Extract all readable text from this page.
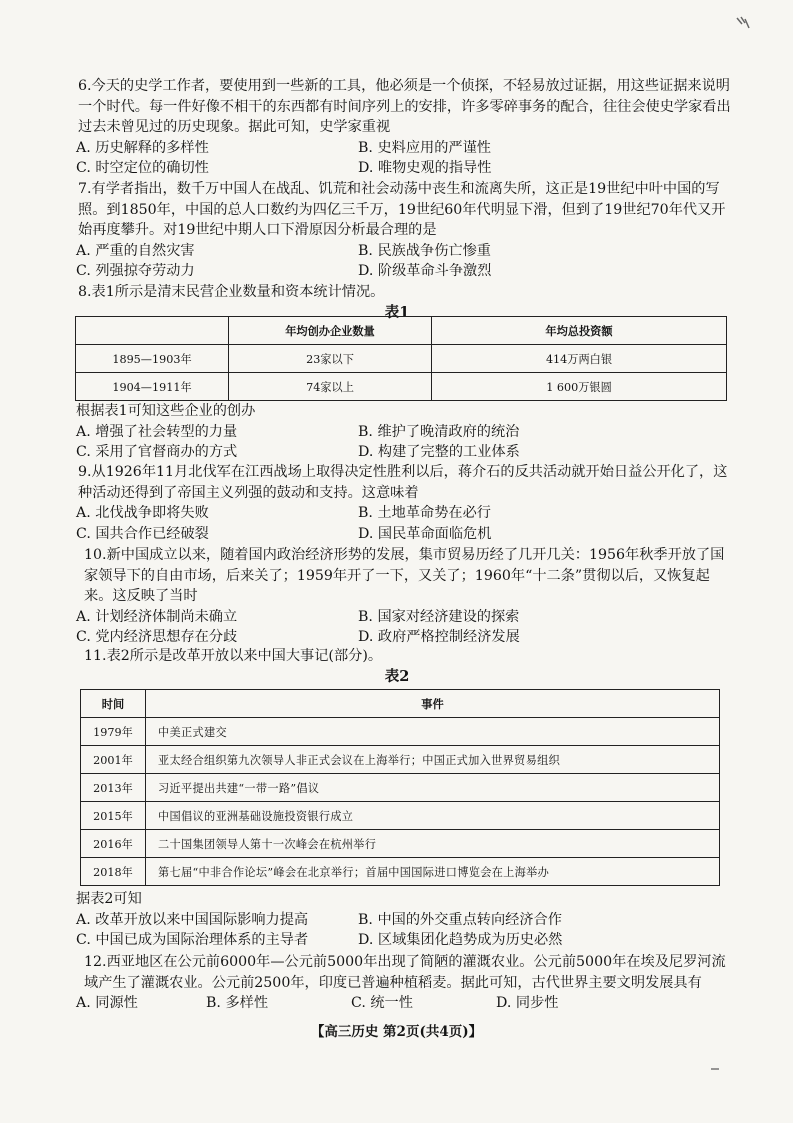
6.今天的史学工作者，要使用到一些新的工具，他必须是一个侦探，不轻易放过证据，用这些证据来说明一个时代。每一件好像不相干的东西都有时间序列上的安排，许多零碎事务的配合，往往会使史学家看出过去未曾见过的历史现象。据此可知，史学家重视
A. 历史解释的多样性	B. 史料应用的严谨性
C. 时空定位的确切性	D. 唯物史观的指导性
7.有学者指出，数千万中国人在战乱、饥荒和社会动荡中丧生和流离失所，这正是19世纪中叶中国的写照。到1850年，中国的总人口数约为四亿三千万，19世纪60年代明显下滑，但到了19世纪70年代又开始再度攀升。对19世纪中期人口下滑原因分析最合理的是
A. 严重的自然灾害	B. 民族战争伤亡惨重
C. 列强掠夺劳动力	D. 阶级革命斗争激烈
8.表1所示是清末民营企业数量和资本统计情况。
表1
	年均创办企业数量	年均总投资额
1895—1903年	23家以下	414万两白银
1904—1911年	74家以上	1 600万银圆
根据表1可知这些企业的创办
A. 增强了社会转型的力量	B. 维护了晚清政府的统治
C. 采用了官督商办的方式	D. 构建了完整的工业体系
9.从1926年11月北伐军在江西战场上取得决定性胜利以后，蒋介石的反共活动就开始日益公开化了，这种活动还得到了帝国主义列强的鼓动和支持。这意味着
A. 北伐战争即将失败	B. 土地革命势在必行
C. 国共合作已经破裂	D. 国民革命面临危机
10.新中国成立以来，随着国内政治经济形势的发展，集市贸易历经了几开几关：1956年秋季开放了国家领导下的自由市场，后来关了；1959年开了一下，又关了；1960年“十二条”贯彻以后，又恢复起来。这反映了当时
A. 计划经济体制尚未确立	B. 国家对经济建设的探索
C. 党内经济思想存在分歧	D. 政府严格控制经济发展
11.表2所示是改革开放以来中国大事记(部分)。
表2
时间	事件
1979年	中美正式建交
2001年	亚太经合组织第九次领导人非正式会议在上海举行；中国正式加入世界贸易组织
2013年	习近平提出共建“一带一路”倡议
2015年	中国倡议的亚洲基础设施投资银行成立
2016年	二十国集团领导人第十一次峰会在杭州举行
2018年	第七届“中非合作论坛”峰会在北京举行；首届中国国际进口博览会在上海举办
据表2可知
A. 改革开放以来中国国际影响力提高	B. 中国的外交重点转向经济合作
C. 中国已成为国际治理体系的主导者	D. 区域集团化趋势成为历史必然
12.西亚地区在公元前6000年—公元前5000年出现了简陋的灌溉农业。公元前5000年在埃及尼罗河流域产生了灌溉农业。公元前2500年，印度已普遍种植稻麦。据此可知，古代世界主要文明发展具有
A. 同源性	B. 多样性	C. 统一性	D. 同步性
【高三历史 第2页(共4页)】
